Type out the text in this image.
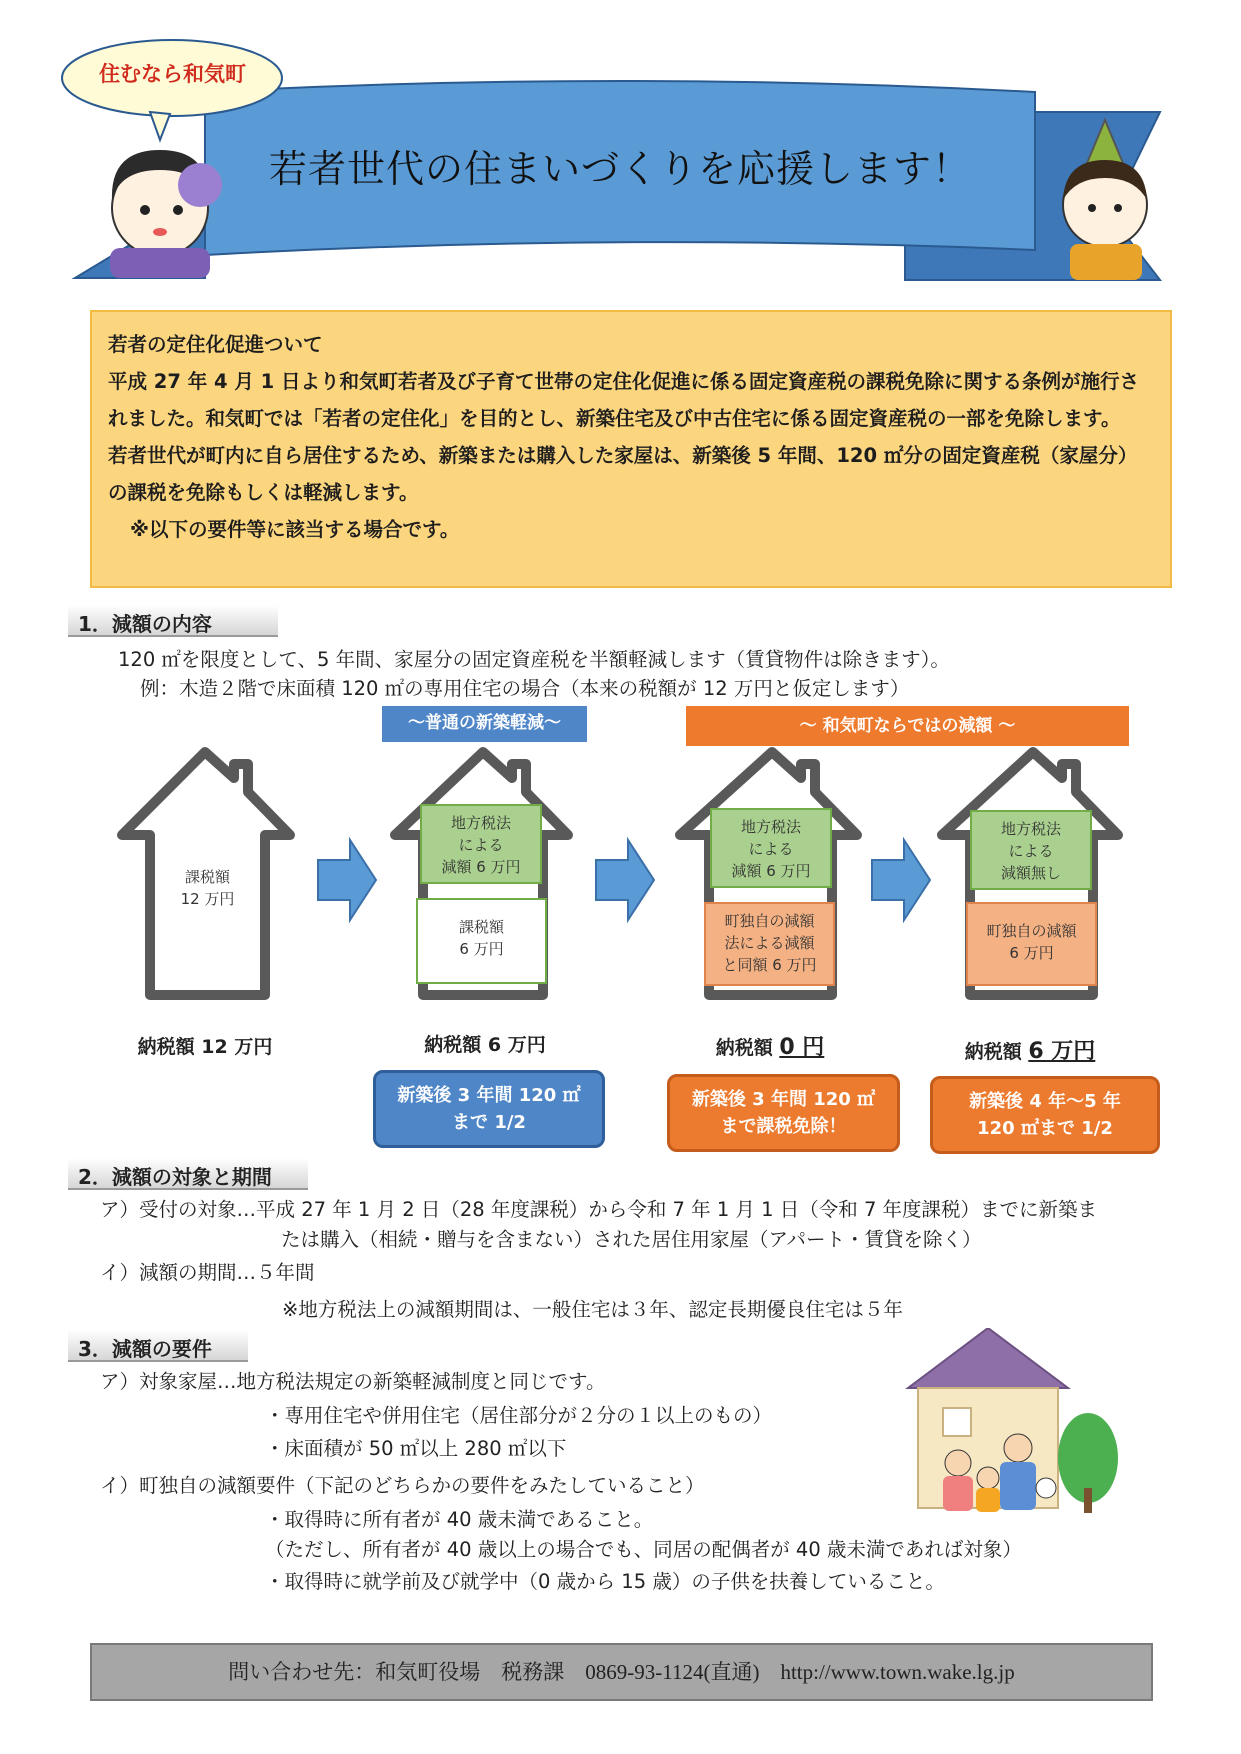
住むなら和気町
若者世代の住まいづくりを応援します！

若者の定住化促進ついて

平成 27 年 4 月 1 日より和気町若者及び子育て世帯の定住化促進に係る固定資産税の課税免除に関する条例が施行されました。和気町では「若者の定住化」を目的とし、新築住宅及び中古住宅に係る固定資産税の一部を免除します。

若者世代が町内に自ら居住するため、新築または購入した家屋は、新築後 5 年間、120 ㎡分の固定資産税（家屋分）の課税を免除もしくは軽減します。

※以下の要件等に該当する場合です。

1．減額の内容
120 ㎡を限度として、5 年間、家屋分の固定資産税を半額軽減します（賃貸物件は除きます）。
例：木造２階で床面積 120 ㎡の専用住宅の場合（本来の税額が 12 万円と仮定します）
～普通の新築軽減～	～ 和気町ならではの減額 ～
課税額
12 万円
地方税法
による
減額 6 万円
課税額
6 万円
地方税法
による
減額 6 万円
町独自の減額
法による減額
と同額 6 万円
地方税法
による
減額無し
町独自の減額
6 万円
納税額 12 万円	納税額 6 万円	納税額 0 円	納税額 6 万円
新築後 3 年間 120 ㎡
まで 1/2
新築後 3 年間 120 ㎡
まで課税免除！
新築後 4 年～5 年
120 ㎡まで 1/2
2．減額の対象と期間
ア）受付の対象…平成 27 年 1 月 2 日（28 年度課税）から令和 7 年 1 月 1 日（令和 7 年度課税）までに新築ま
たは購入（相続・贈与を含まない）された居住用家屋（アパート・賃貸を除く）
イ）減額の期間…５年間
※地方税法上の減額期間は、一般住宅は３年、認定長期優良住宅は５年
3．減額の要件
ア）対象家屋…地方税法規定の新築軽減制度と同じです。
・専用住宅や併用住宅（居住部分が２分の１以上のもの）
・床面積が 50 ㎡以上 280 ㎡以下
イ）町独自の減額要件（下記のどちらかの要件をみたしていること）
・取得時に所有者が 40 歳未満であること。
（ただし、所有者が 40 歳以上の場合でも、同居の配偶者が 40 歳未満であれば対象）
・取得時に就学前及び就学中（0 歳から 15 歳）の子供を扶養していること。
問い合わせ先：和気町役場　税務課　0869-93-1124(直通)　http://www.town.wake.lg.jp
